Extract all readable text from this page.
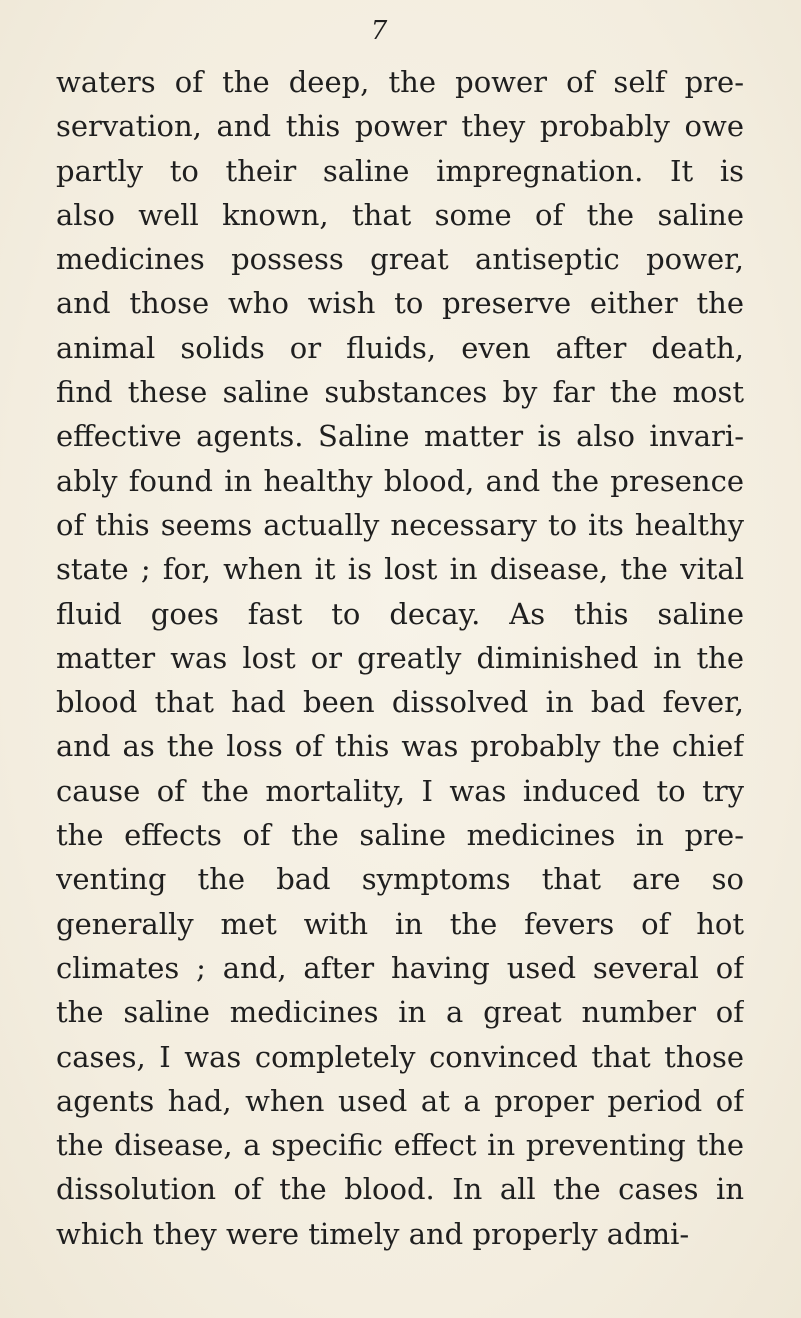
7
waters of the deep, the power of self pre-
servation, and this power they probably owe
partly to their saline impregnation. It is
also well known, that some of the saline
medicines possess great antiseptic power,
and those who wish to preserve either the
animal solids or fluids, even after death,
find these saline substances by far the most
effective agents. Saline matter is also invari-
ably found in healthy blood, and the presence
of this seems actually necessary to its healthy
state ; for, when it is lost in disease, the vital
fluid goes fast to decay. As this saline
matter was lost or greatly diminished in the
blood that had been dissolved in bad fever,
and as the loss of this was probably the chief
cause of the mortality, I was induced to try
the effects of the saline medicines in pre-
venting the bad symptoms that are so
generally met with in the fevers of hot
climates ; and, after having used several of
the saline medicines in a great number of
cases, I was completely convinced that those
agents had, when used at a proper period of
the disease, a specific effect in preventing the
dissolution of the blood. In all the cases in
which they were timely and properly admi-
